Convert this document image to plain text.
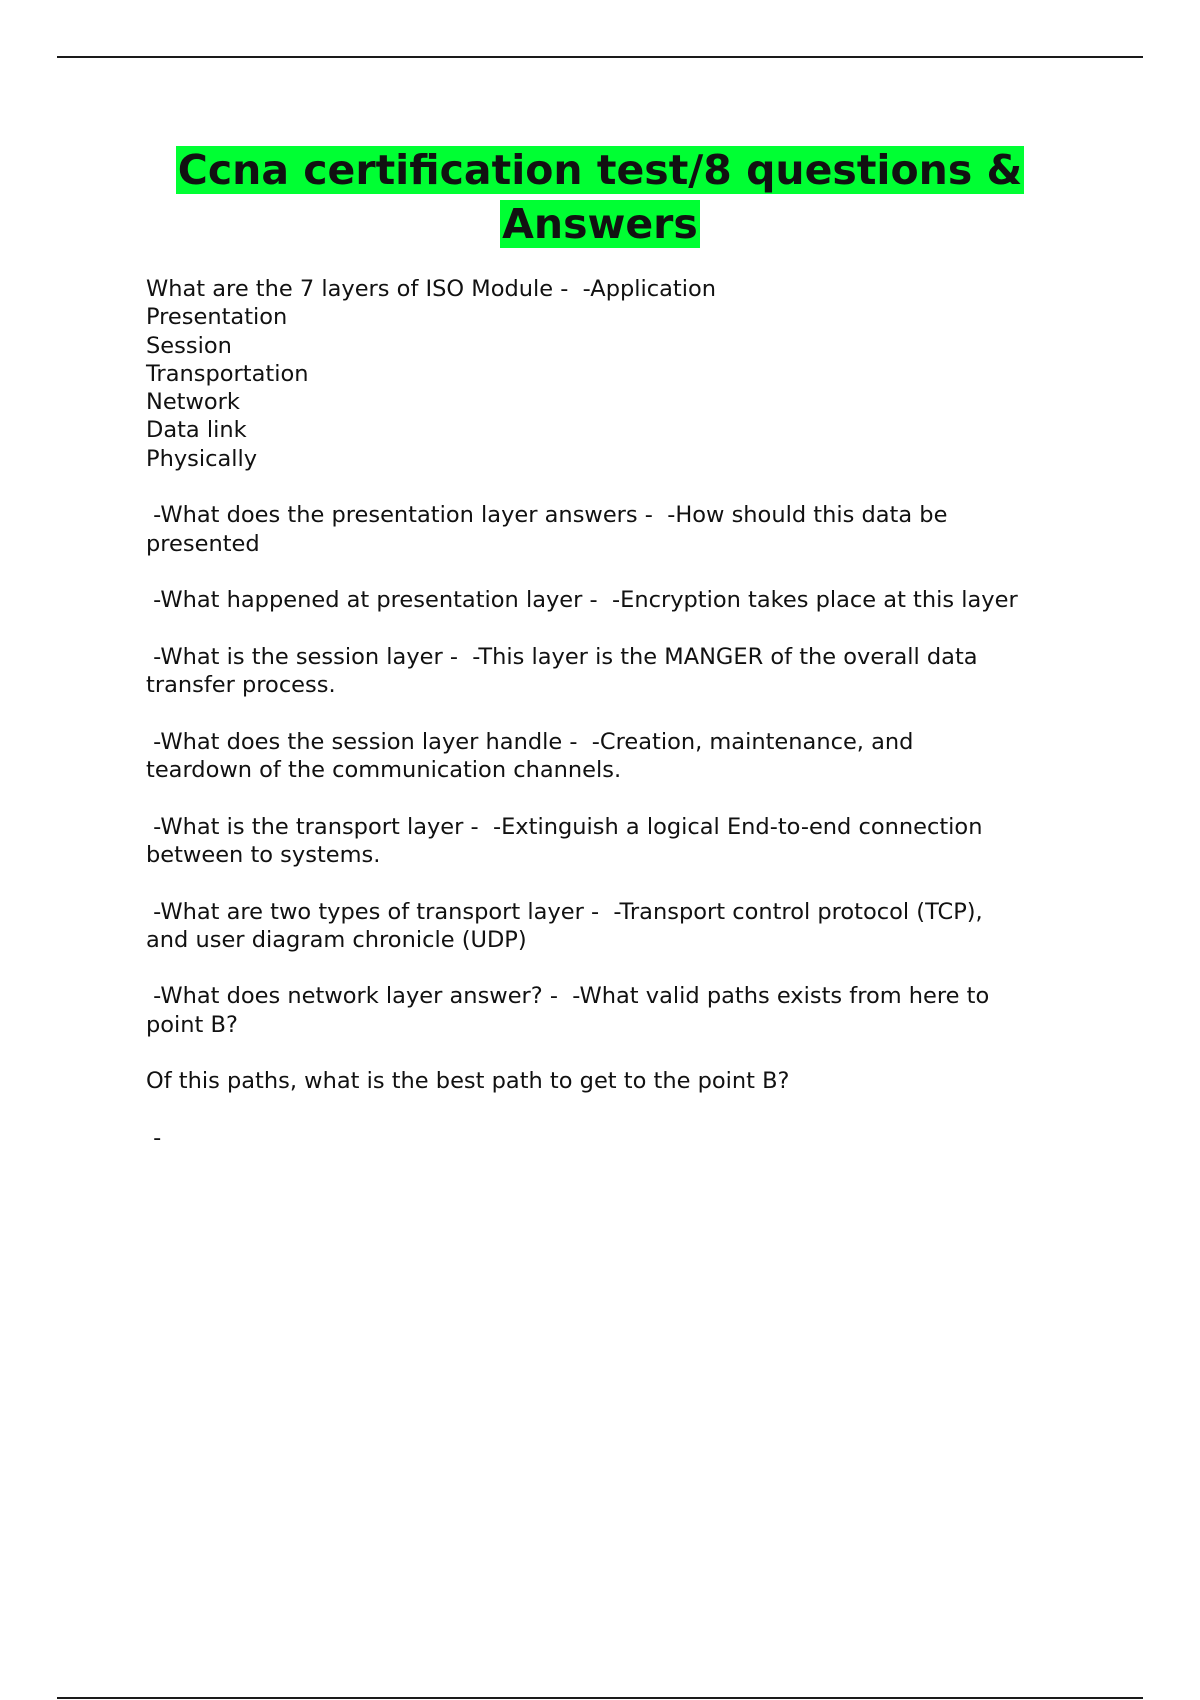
Ccna certification test/8 questions &
Answers
What are the 7 layers of ISO Module -  -Application
Presentation
Session
Transportation
Network
Data link
Physically
-What does the presentation layer answers -  -How should this data be
presented
-What happened at presentation layer -  -Encryption takes place at this layer
-What is the session layer -  -This layer is the MANGER of the overall data
transfer process.
-What does the session layer handle -  -Creation, maintenance, and
teardown of the communication channels.
-What is the transport layer -  -Extinguish a logical End-to-end connection
between to systems.
-What are two types of transport layer -  -Transport control protocol (TCP),
and user diagram chronicle (UDP)
-What does network layer answer? -  -What valid paths exists from here to
point B?
Of this paths, what is the best path to get to the point B?
-
